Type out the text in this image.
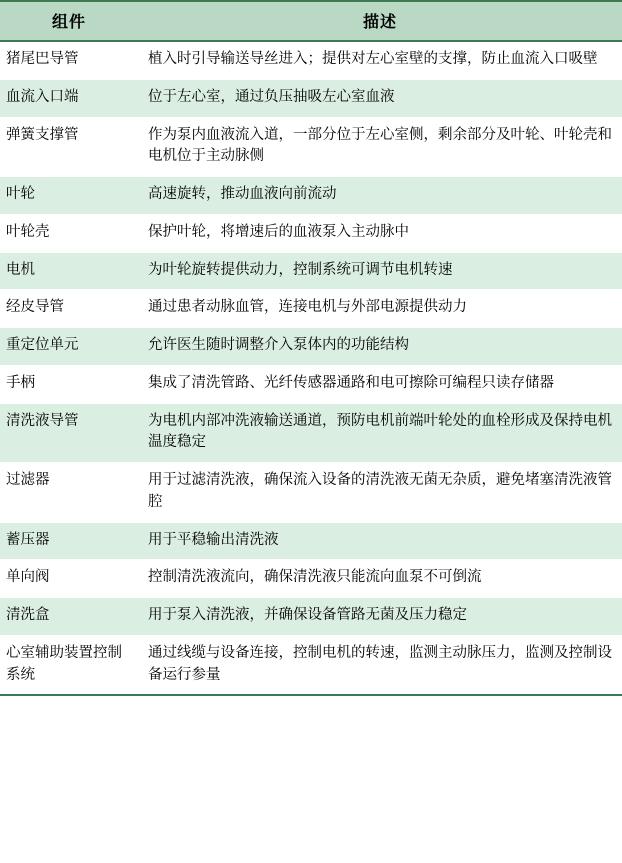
组件	描述
猪尾巴导管	植入时引导输送导丝进入；提供对左心室壁的支撑，防止血流入口吸壁
血流入口端	位于左心室，通过负压抽吸左心室血液
弹簧支撑管	作为泵内血液流入道，一部分位于左心室侧，剩余部分及叶轮、叶轮壳和电机位于主动脉侧
叶轮	高速旋转，推动血液向前流动
叶轮壳	保护叶轮，将增速后的血液泵入主动脉中
电机	为叶轮旋转提供动力，控制系统可调节电机转速
经皮导管	通过患者动脉血管，连接电机与外部电源提供动力
重定位单元	允许医生随时调整介入泵体内的功能结构
手柄	集成了清洗管路、光纤传感器通路和电可擦除可编程只读存储器
清洗液导管	为电机内部冲洗液输送通道，预防电机前端叶轮处的血栓形成及保持电机温度稳定
过滤器	用于过滤清洗液，确保流入设备的清洗液无菌无杂质，避免堵塞清洗液管腔
蓄压器	用于平稳输出清洗液
单向阀	控制清洗液流向，确保清洗液只能流向血泵不可倒流
清洗盒	用于泵入清洗液，并确保设备管路无菌及压力稳定
心室辅助装置控制系统	通过线缆与设备连接，控制电机的转速，监测主动脉压力，监测及控制设备运行参量
